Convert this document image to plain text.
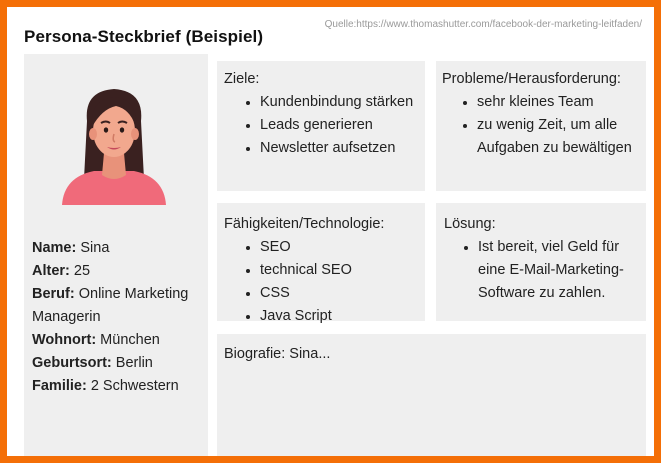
Persona-Steckbrief (Beispiel)
Quelle:https://www.thomashutter.com/facebook-der-marketing-leitfaden/
Name: Sina
Alter: 25
Beruf: Online Marketing Managerin
Wohnort: München
Geburtsort: Berlin
Familie: 2 Schwestern
Ziele:
• Kundenbindung stärken
• Leads generieren
• Newsletter aufsetzen
Probleme/Herausforderung:
• sehr kleines Team
• zu wenig Zeit, um alle Aufgaben zu bewältigen
Fähigkeiten/Technologie:
• SEO
• technical SEO
• CSS
• Java Script
Lösung:
• Ist bereit, viel Geld für eine E-Mail-Marketing-Software zu zahlen.
Biografie: Sina...
